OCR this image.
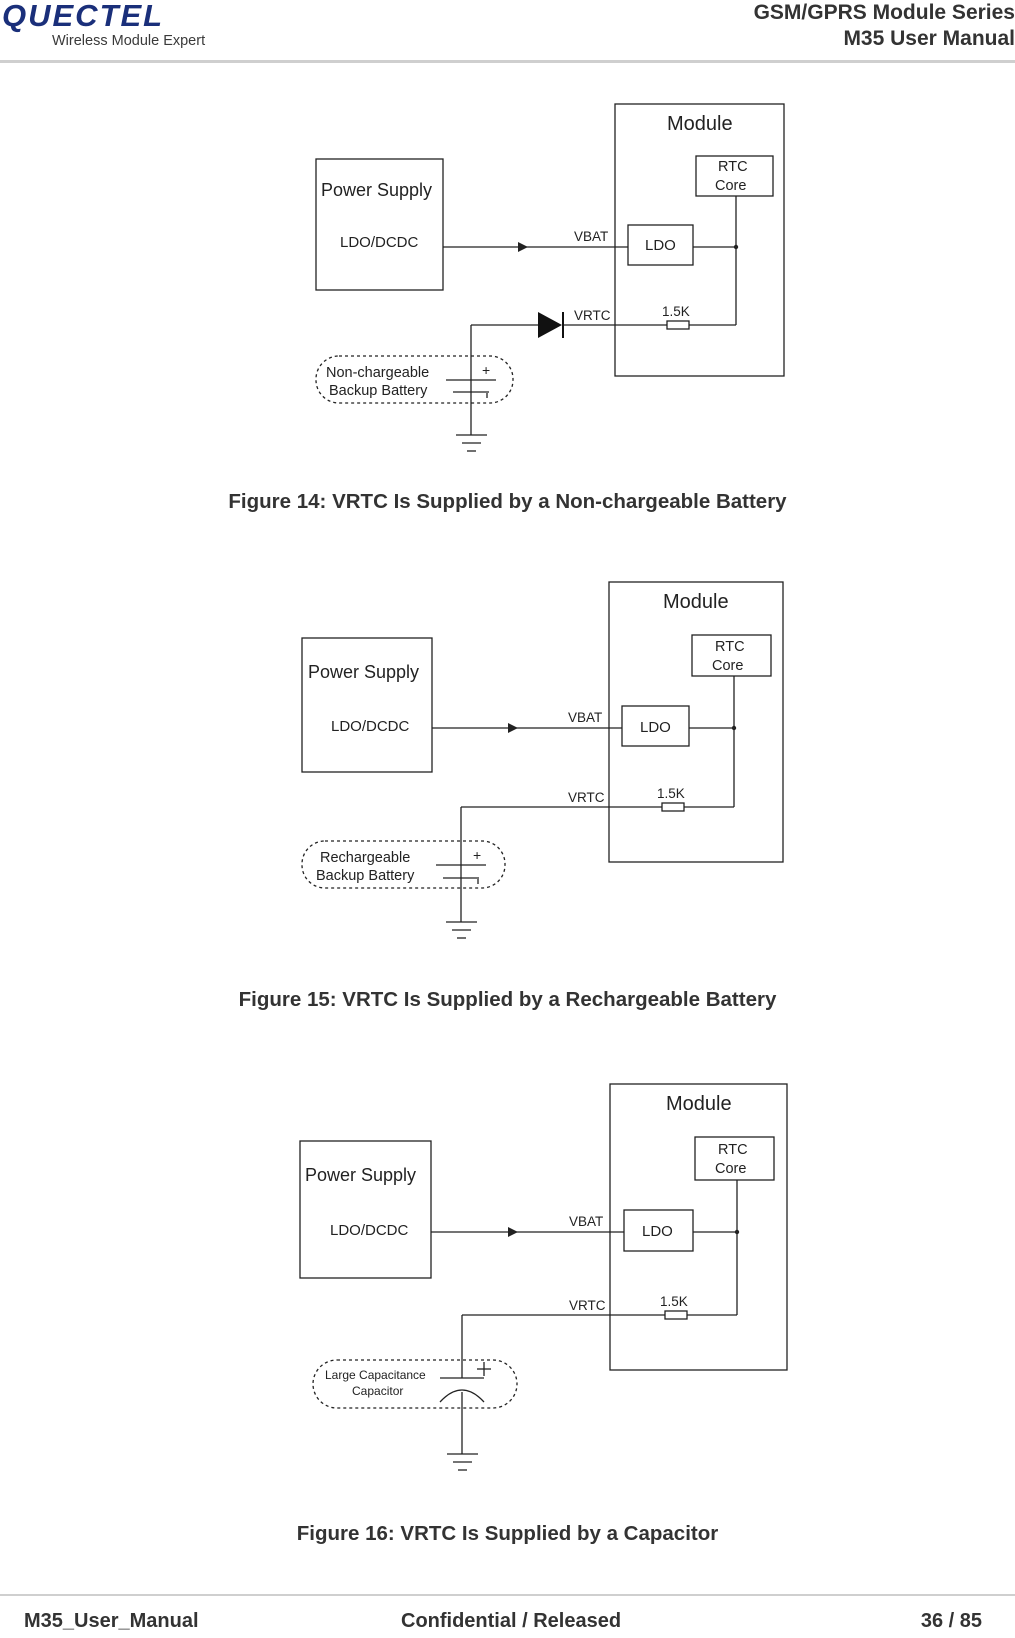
QUECTEL
Wireless Module Expert
GSM/GPRS Module Series
M35 User Manual
Module
RTC
Core
LDO
VBAT
VRTC	1.5K
Power Supply
LDO/DCDC
Non-chargeable
Backup Battery
+
Figure 14: VRTC Is Supplied by a Non-chargeable Battery
Module
RTC
Core
LDO
VBAT
VRTC	1.5K
Power Supply
LDO/DCDC
Rechargeable
Backup Battery
+
Figure 15: VRTC Is Supplied by a Rechargeable Battery
Module
RTC
Core
LDO
VBAT
VRTC	1.5K
Power Supply
LDO/DCDC
Large Capacitance
Capacitor
Figure 16: VRTC Is Supplied by a Capacitor
M35_User_Manual	Confidential / Released	36 / 85
